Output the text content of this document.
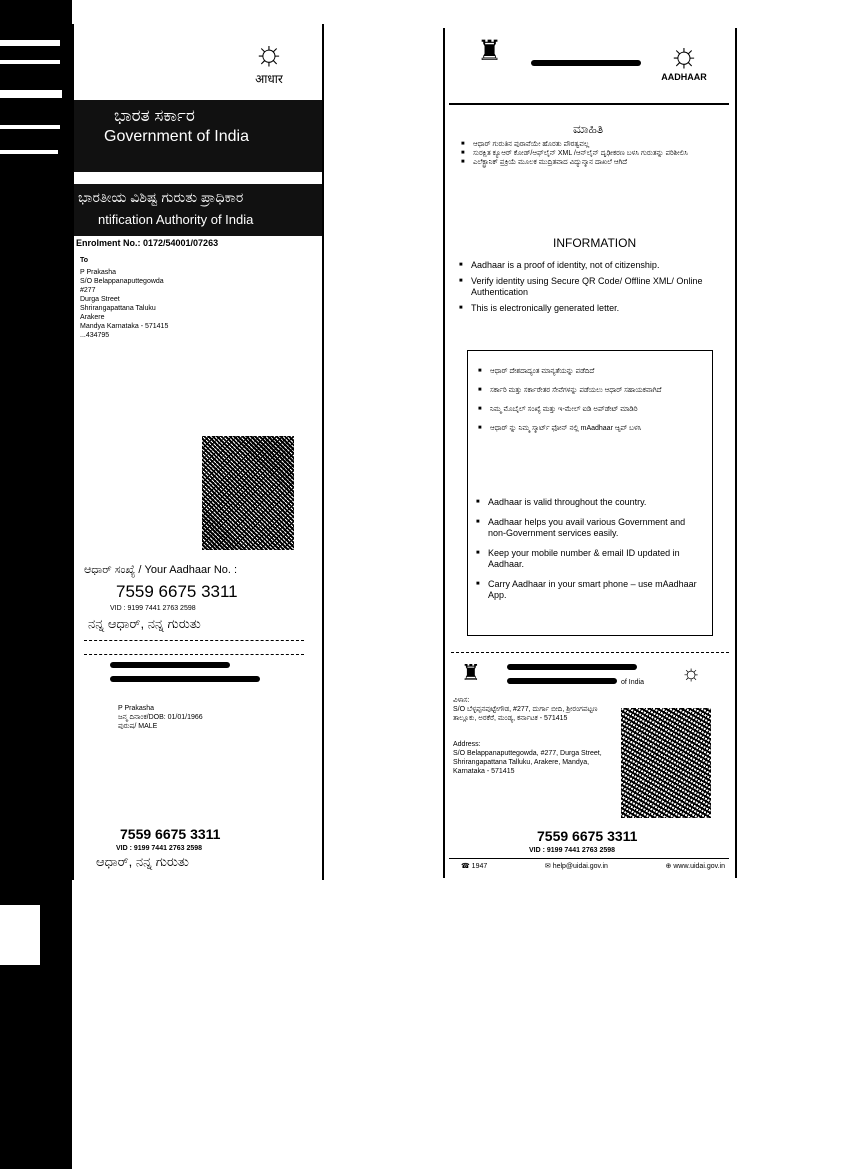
☼
आधार
ಭಾರತ ಸರ್ಕಾರ
Government of India
ಭಾರತೀಯ ವಿಶಿಷ್ಟ ಗುರುತು ಪ್ರಾಧಿಕಾರ
ntification Authority of India
Enrolment No.: 0172/54001/07263
To
P Prakasha
S/O Belappanaputtegowda
#277
Durga Street
Shrirangapattana Taluku
Arakere
Mandya Karnataka - 571415
...434795
ಆಧಾರ್ ಸಂಖ್ಯೆ / Your Aadhaar No. :
7559 6675 3311
VID : 9199 7441 2763 2598
ನನ್ನ ಆಧಾರ್, ನನ್ನ ಗುರುತು
P Prakasha
ಜನ್ಮ ದಿನಾಂಕ/DOB: 01/01/1966
ಪುರುಷ/ MALE
7559 6675 3311
VID : 9199 7441 2763 2598
ಆಧಾರ್, ನನ್ನ ಗುರುತು
♜	☼
AADHAAR
ಮಾಹಿತಿ
■ ಆಧಾರ್ ಗುರುತಿನ ಪುರಾವೆಯೇ ಹೊರತು ಪೌರತ್ವವಲ್ಲ
■ ಸುರಕ್ಷಿತ ಕ್ಯೂಆರ್ ಕೋಡ್/ಆಫ್‌ಲೈನ್ XML /ಆನ್‌ಲೈನ್ ದೃಢೀಕರಣ ಬಳಸಿ ಗುರುತನ್ನು ಪರಿಶೀಲಿಸಿ
■ ಎಲೆಕ್ಟ್ರಾನಿಕ್ ಪ್ರಕ್ರಿಯೆ ಮೂಲಕ ಮುದ್ರಿತವಾದ ವಿದ್ಯುನ್ಮಾನ ದಾಖಲೆ ಆಗಿದೆ
INFORMATION
■ Aadhaar is a proof of identity, not of citizenship.
■ Verify identity using Secure QR Code/ Offline XML/ Online Authentication
■ This is electronically generated letter.
■ ಆಧಾರ್ ದೇಶದಾದ್ಯಂತ ಮಾನ್ಯತೆಯನ್ನು ಪಡೆದಿದೆ
■ ಸರ್ಕಾರಿ ಮತ್ತು ಸರ್ಕಾರೇತರ ಸೇವೆಗಳನ್ನು ಪಡೆಯಲು ಆಧಾರ್ ಸಹಾಯಕವಾಗಿದೆ
■ ನಿಮ್ಮ ಮೊಬೈಲ್ ಸಂಖ್ಯೆ ಮತ್ತು ಇ-ಮೇಲ್ ಐಡಿ ಅಪ್‌ಡೇಟ್ ಮಾಡಿರಿ
■ ಆಧಾರ್ ನ್ನು ನಿಮ್ಮ ಸ್ಮಾರ್ಟ್ ಫೋನ್ ನಲ್ಲಿ mAadhaar ಆ್ಯಪ್ ಬಳಸಿ
■ Aadhaar is valid throughout the country.
■ Aadhaar helps you avail various Government and non-Government services easily.
■ Keep your mobile number & email ID updated in Aadhaar.
■ Carry Aadhaar in your smart phone – use mAadhaar App.
♜	of India ☼
ವಿಳಾಸ:
S/O ಬೆಳ್ಳಪ್ಪನಪುಟ್ಟೇಗೌಡ, #277, ದುರ್ಗಾ ಬೀದಿ, ಶ್ರೀರಂಗಪಟ್ಟಣ ತಾಲ್ಲೂಕು, ಅರಕೆರೆ, ಮಂಡ್ಯ, ಕರ್ನಾಟಕ - 571415
Address:
S/O Belappanaputtegowda, #277, Durga Street, Shrirangapattana Talluku, Arakere, Mandya, Karnataka - 571415
7559 6675 3311
VID : 9199 7441 2763 2598
☎ 1947	✉ help@uidai.gov.in	⊕ www.uidai.gov.in
